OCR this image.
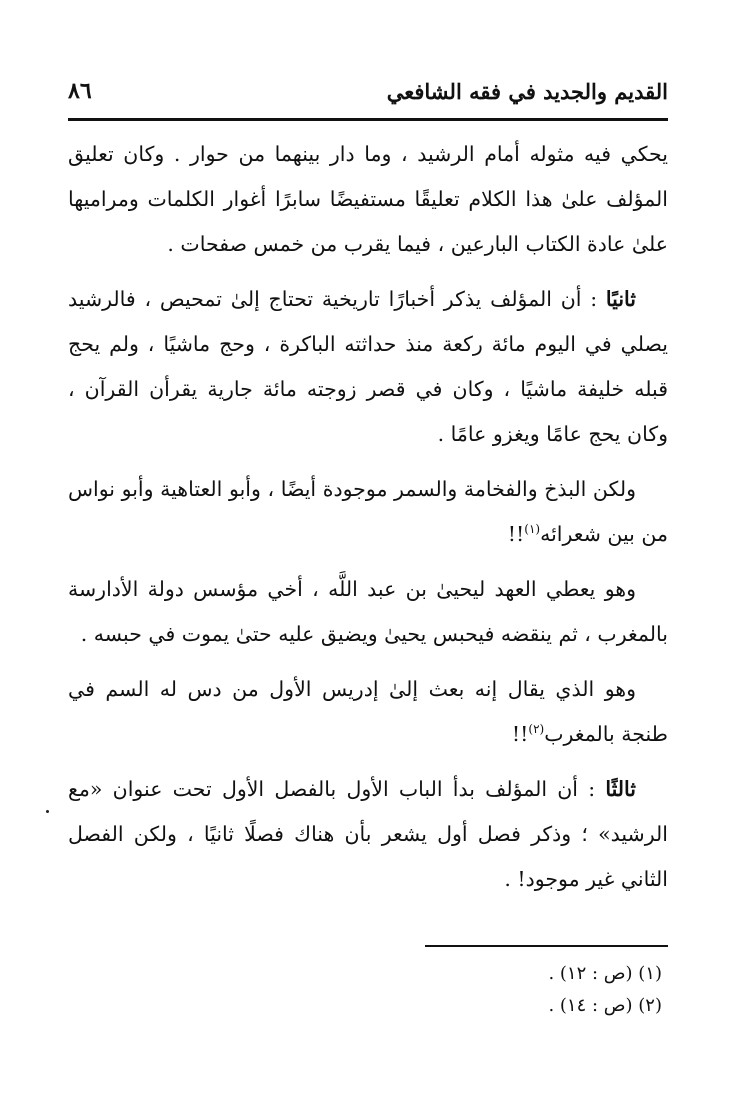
القديم والجديد في فقه الشافعي
٨٦

يحكي فيه مثوله أمام الرشيد ، وما دار بينهما من حوار . وكان تعليق المؤلف علىٰ هذا الكلام تعليقًا مستفيضًا سابرًا أغوار الكلمات ومراميها علىٰ عادة الكتاب البارعين ، فيما يقرب من خمس صفحات .

ثانيًا : أن المؤلف يذكر أخبارًا تاريخية تحتاج إلىٰ تمحيص ، فالرشيد يصلي في اليوم مائة ركعة منذ حداثته الباكرة ، وحج ماشيًا ، ولم يحج قبله خليفة ماشيًا ، وكان في قصر زوجته مائة جارية يقرأن القرآن ، وكان يحج عامًا ويغزو عامًا .

ولكن البذخ والفخامة والسمر موجودة أيضًا ، وأبو العتاهية وأبو نواس من بين شعرائه$^{(١)}$!!

وهو يعطي العهد ليحيىٰ بن عبد اللَّه ، أخي مؤسس دولة الأدارسة بالمغرب ، ثم ينقضه فيحبس يحيىٰ ويضيق عليه حتىٰ يموت في حبسه .

وهو الذي يقال إنه بعث إلىٰ إدريس الأول من دس له السم في طنجة بالمغرب$^{(٢)}$!!

ثالثًا : أن المؤلف بدأ الباب الأول بالفصل الأول تحت عنوان «مع الرشيد» ؛ وذكر فصل أول يشعر بأن هناك فصلًا ثانيًا ، ولكن الفصل الثاني غير موجود! .

(١) (ص : ١٢) .

(٢) (ص : ١٤) .
